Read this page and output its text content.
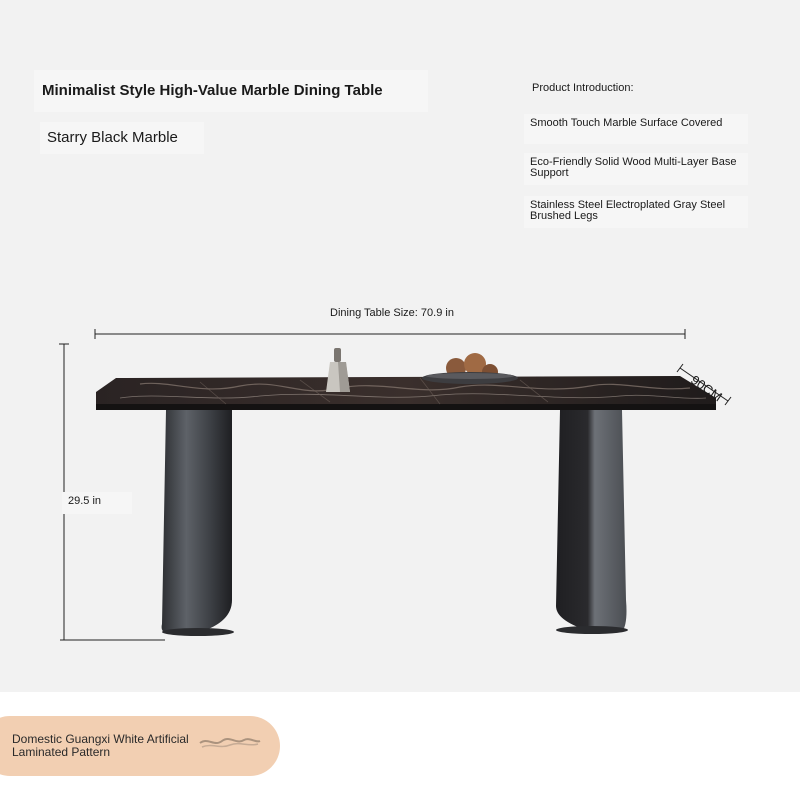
Minimalist Style High-Value Marble Dining Table
Starry Black Marble
Product Introduction:
Smooth Touch Marble Surface Covered
Eco-Friendly Solid Wood Multi-Layer Base Support
Stainless Steel Electroplated Gray Steel Brushed Legs
Dining Table Size: 70.9 in
29.5 in
90CM
Domestic Guangxi White Artificial Laminated Pattern
